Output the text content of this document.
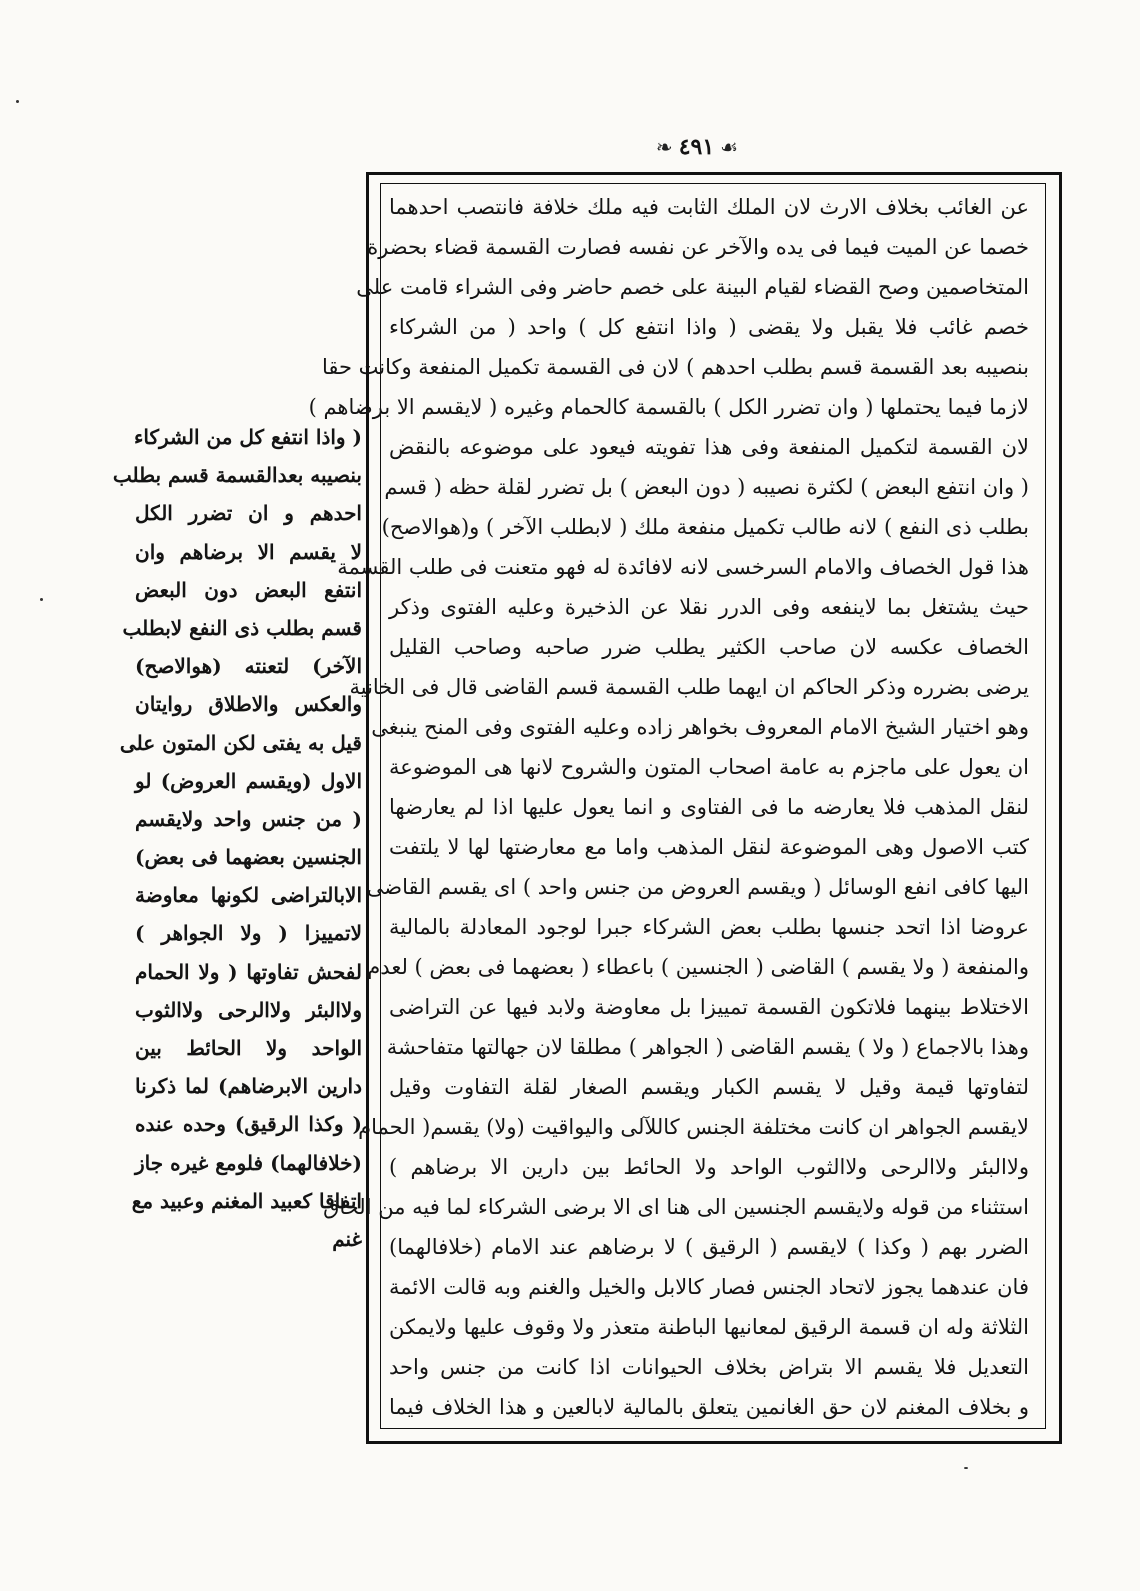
❧ ٤٩١ ☙
( واذا انتفع كل من الشركاء
بنصيبه بعدالقسمة قسم بطلب
احدهم و ان تضرر الكل
لا يقسم الا برضاهم وان
انتفع البعض دون البعض
قسم بطلب ذى النفع لابطلب
الآخر) لتعنته (هوالاصح)
والعكس والاطلاق روايتان
قيل به يفتى لكن المتون على
الاول (ويقسم العروض) لو
( من جنس واحد ولايقسم
الجنسين بعضهما فى بعض)
الابالتراضى لكونها معاوضة
لاتمييزا ( ولا الجواهر )
لفحش تفاوتها ( ولا الحمام
ولاالبئر ولاالرحى ولاالثوب
الواحد ولا الحائط بين
دارين الابرضاهم) لما ذكرنا
( وكذا الرقيق) وحده عنده
(خلافالهما) فلومع غيره جاز
اتفاقا كعبيد المغنم وعبيد مع
غنم
عن الغائب بخلاف الارث لان الملك الثابت فيه ملك خلافة فانتصب احدهما
خصما عن الميت فيما فى يده والآخر عن نفسه فصارت القسمة قضاء بحضرة
المتخاصمين وصح القضاء لقيام البينة على خصم حاضر وفى الشراء قامت على
خصم غائب فلا يقبل ولا يقضى ( واذا انتفع كل ) واحد ( من الشركاء
بنصيبه بعد القسمة قسم بطلب احدهم ) لان فى القسمة تكميل المنفعة وكانت حقا
لازما فيما يحتملها ( وان تضرر الكل ) بالقسمة كالحمام وغيره ( لايقسم الا برضاهم )
لان القسمة لتكميل المنفعة وفى هذا تفويته فيعود على موضوعه بالنقض
( وان انتفع البعض ) لكثرة نصيبه ( دون البعض ) بل تضرر لقلة حظه ( قسم
بطلب ذى النفع ) لانه طالب تكميل منفعة ملك ( لابطلب الآخر ) و(هوالاصح)
هذا قول الخصاف والامام السرخسى لانه لافائدة له فهو متعنت فى طلب القسمة
حيث يشتغل بما لاينفعه وفى الدرر نقلا عن الذخيرة وعليه الفتوى وذكر
الخصاف عكسه لان صاحب الكثير يطلب ضرر صاحبه وصاحب القليل
يرضى بضرره وذكر الحاكم ان ايهما طلب القسمة قسم القاضى قال فى الخانية
وهو اختيار الشيخ الامام المعروف بخواهر زاده وعليه الفتوى وفى المنح ينبغى
ان يعول على ماجزم به عامة اصحاب المتون والشروح لانها هى الموضوعة
لنقل المذهب فلا يعارضه ما فى الفتاوى و انما يعول عليها اذا لم يعارضها
كتب الاصول وهى الموضوعة لنقل المذهب واما مع معارضتها لها لا يلتفت
اليها كافى انفع الوسائل ( ويقسم العروض من جنس واحد ) اى يقسم القاضى
عروضا اذا اتحد جنسها بطلب بعض الشركاء جبرا لوجود المعادلة بالمالية
والمنفعة ( ولا يقسم ) القاضى ( الجنسين ) باعطاء ( بعضهما فى بعض ) لعدم
الاختلاط بينهما فلاتكون القسمة تمييزا بل معاوضة ولابد فيها عن التراضى
وهذا بالاجماع ( ولا ) يقسم القاضى ( الجواهر ) مطلقا لان جهالتها متفاحشة
لتفاوتها قيمة وقيل لا يقسم الكبار ويقسم الصغار لقلة التفاوت وقيل
لايقسم الجواهر ان كانت مختلفة الجنس كاللآلى واليواقيت (ولا) يقسم( الحمام
ولاالبئر ولاالرحى ولاالثوب الواحد ولا الحائط بين دارين الا برضاهم )
استثناء من قوله ولايقسم الجنسين الى هنا اى الا برضى الشركاء لما فيه من الحاق
الضرر بهم ( وكذا ) لايقسم ( الرقيق ) لا برضاهم عند الامام (خلافالهما)
فان عندهما يجوز لاتحاد الجنس فصار كالابل والخيل والغنم وبه قالت الائمة
الثلاثة وله ان قسمة الرقيق لمعانيها الباطنة متعذر ولا وقوف عليها ولايمكن
التعديل فلا يقسم الا بتراض بخلاف الحيوانات اذا كانت من جنس واحد
و بخلاف المغنم لان حق الغانمين يتعلق بالمالية لابالعين و هذا الخلاف فيما
